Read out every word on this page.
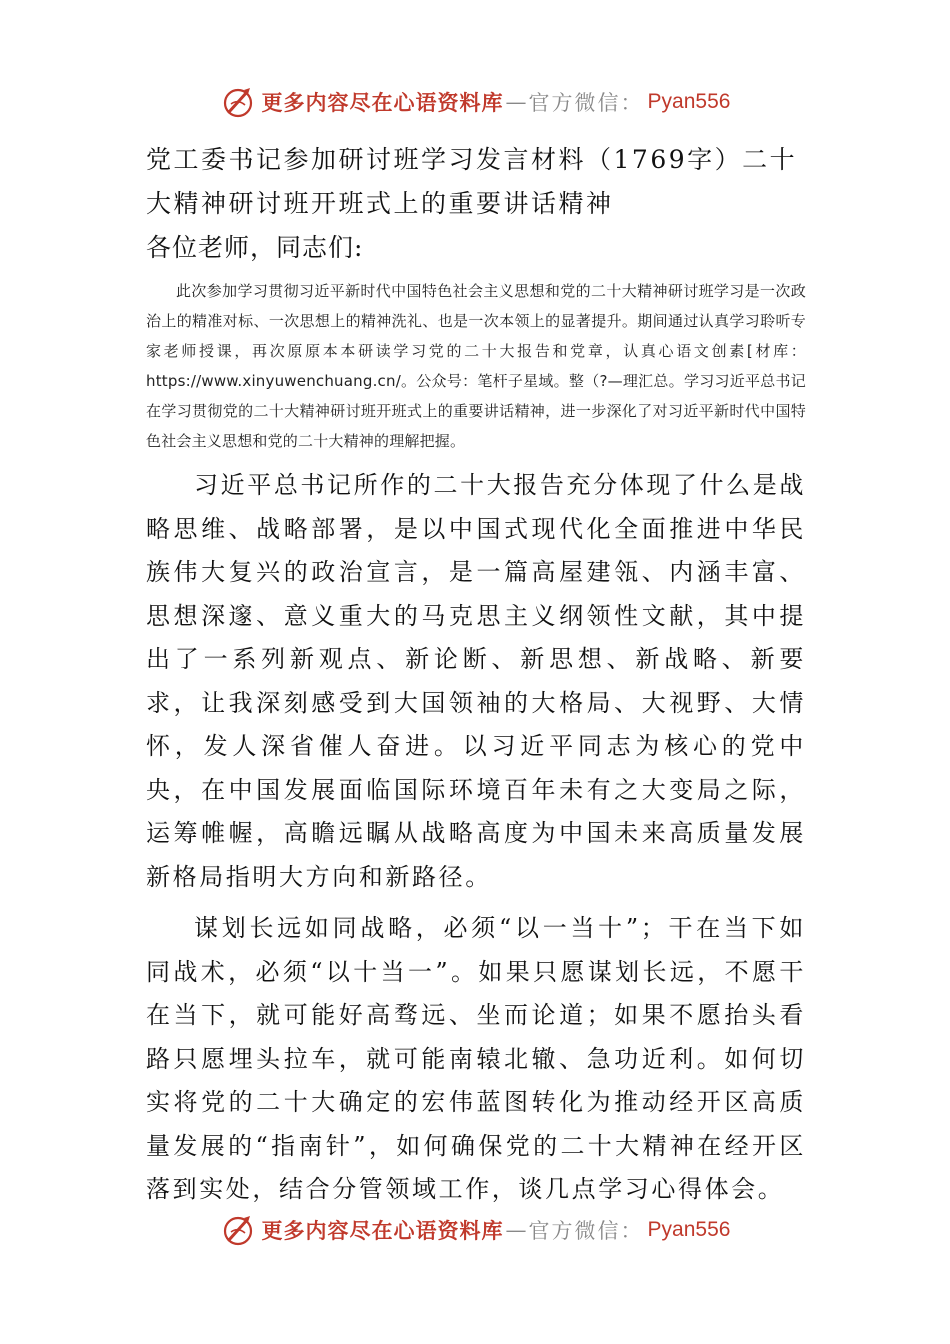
更多内容尽在心语资料库 — 官方微信： Pyan556
党工委书记参加研讨班学习发言材料（1769字）二十大精神研讨班开班式上的重要讲话精神

各位老师，同志们:

此次参加学习贯彻习近平新时代中国特色社会主义思想和党的二十大精神研讨班学习是一次政治上的精准对标、一次思想上的精神洗礼、也是一次本领上的显著提升。期间通过认真学习聆听专家老师授课，再次原原本本研读学习党的二十大报告和党章，认真心语文创素[材库：https://www.xinyuwenchuang.cn/。公众号：笔杆子星域。整（?—理汇总。学习习近平总书记在学习贯彻党的二十大精神研讨班开班式上的重要讲话精神，进一步深化了对习近平新时代中国特色社会主义思想和党的二十大精神的理解把握。

习近平总书记所作的二十大报告充分体现了什么是战略思维、战略部署，是以中国式现代化全面推进中华民族伟大复兴的政治宣言，是一篇高屋建瓴、内涵丰富、思想深邃、意义重大的马克思主义纲领性文献，其中提出了一系列新观点、新论断、新思想、新战略、新要求，让我深刻感受到大国领袖的大格局、大视野、大情怀，发人深省催人奋进。以习近平同志为核心的党中央，在中国发展面临国际环境百年未有之大变局之际，运筹帷幄，高瞻远瞩从战略高度为中国未来高质量发展新格局指明大方向和新路径。

谋划长远如同战略，必须“以一当十”；干在当下如同战术，必须“以十当一”。如果只愿谋划长远，不愿干在当下，就可能好高骛远、坐而论道；如果不愿抬头看路只愿埋头拉车，就可能南辕北辙、急功近利。如何切实将党的二十大确定的宏伟蓝图转化为推动经开区高质量发展的“指南针”，如何确保党的二十大精神在经开区落到实处，结合分管领域工作，谈几点学习心得体会。

更多内容尽在心语资料库 — 官方微信： Pyan556
